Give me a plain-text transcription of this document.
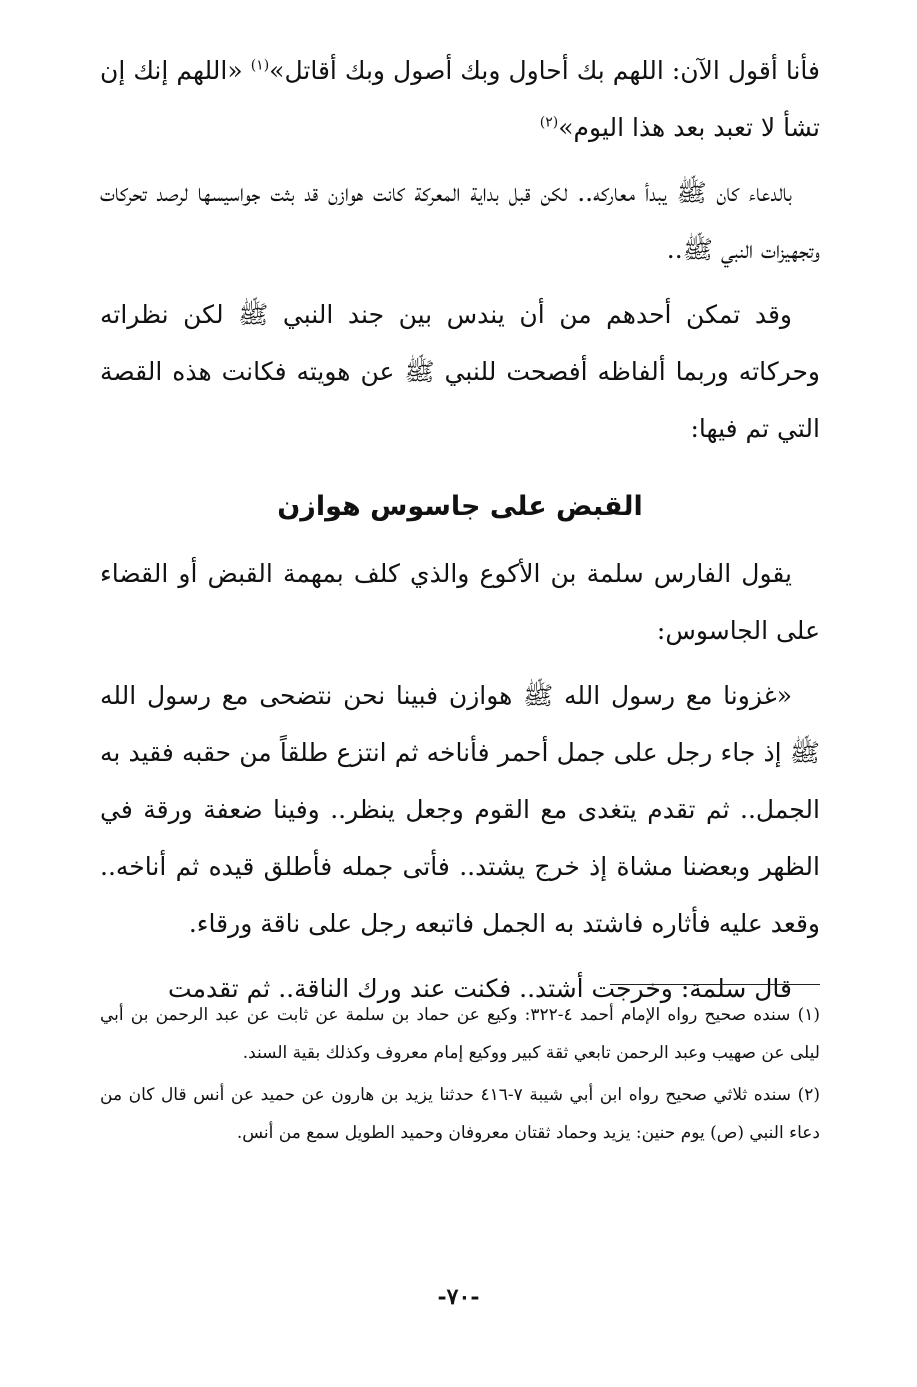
فأنا أقول الآن: اللهم بك أحاول وبك أصول وبك أقاتل»$^{(١)}$ «اللهم إنك إن تشأ لا تعبد بعد هذا اليوم»$^{(٢)}$

بالدعاء كان ﷺ يبدأ معاركه.. لكن قبل بداية المعركة كانت هوازن قد بثت جواسيسها لرصد تحركات وتجهيزات النبي ﷺ..

وقد تمكن أحدهم من أن يندس بين جند النبي ﷺ لكن نظراته وحركاته وربما ألفاظه أفصحت للنبي ﷺ عن هويته فكانت هذه القصة التي تم فيها:

القبض على جاسوس هوازن

يقول الفارس سلمة بن الأكوع والذي كلف بمهمة القبض أو القضاء على الجاسوس:

«غزونا مع رسول الله ﷺ هوازن فبينا نحن نتضحى مع رسول الله ﷺ إذ جاء رجل على جمل أحمر فأناخه ثم انتزع طلقاً من حقبه فقيد به الجمل.. ثم تقدم يتغدى مع القوم وجعل ينظر.. وفينا ضعفة ورقة في الظهر وبعضنا مشاة إذ خرج يشتد.. فأتى جمله فأطلق قيده ثم أناخه.. وقعد عليه فأثاره فاشتد به الجمل فاتبعه رجل على ناقة ورقاء.

قال سلمة: وخرجت أشتد.. فكنت عند ورك الناقة.. ثم تقدمت

(١) سنده صحيح رواه الإمام أحمد ٤-٣٢٢: وكيع عن حماد بن سلمة عن ثابت عن عبد الرحمن بن أبي ليلى عن صهيب وعبد الرحمن تابعي ثقة كبير ووكيع إمام معروف وكذلك بقية السند.

(٢) سنده ثلاثي صحيح رواه ابن أبي شيبة ٧-٤١٦ حدثنا يزيد بن هارون عن حميد عن أنس قال كان من دعاء النبي (ص) يوم حنين: يزيد وحماد ثقتان معروفان وحميد الطويل سمع من أنس.

-٧٠-
